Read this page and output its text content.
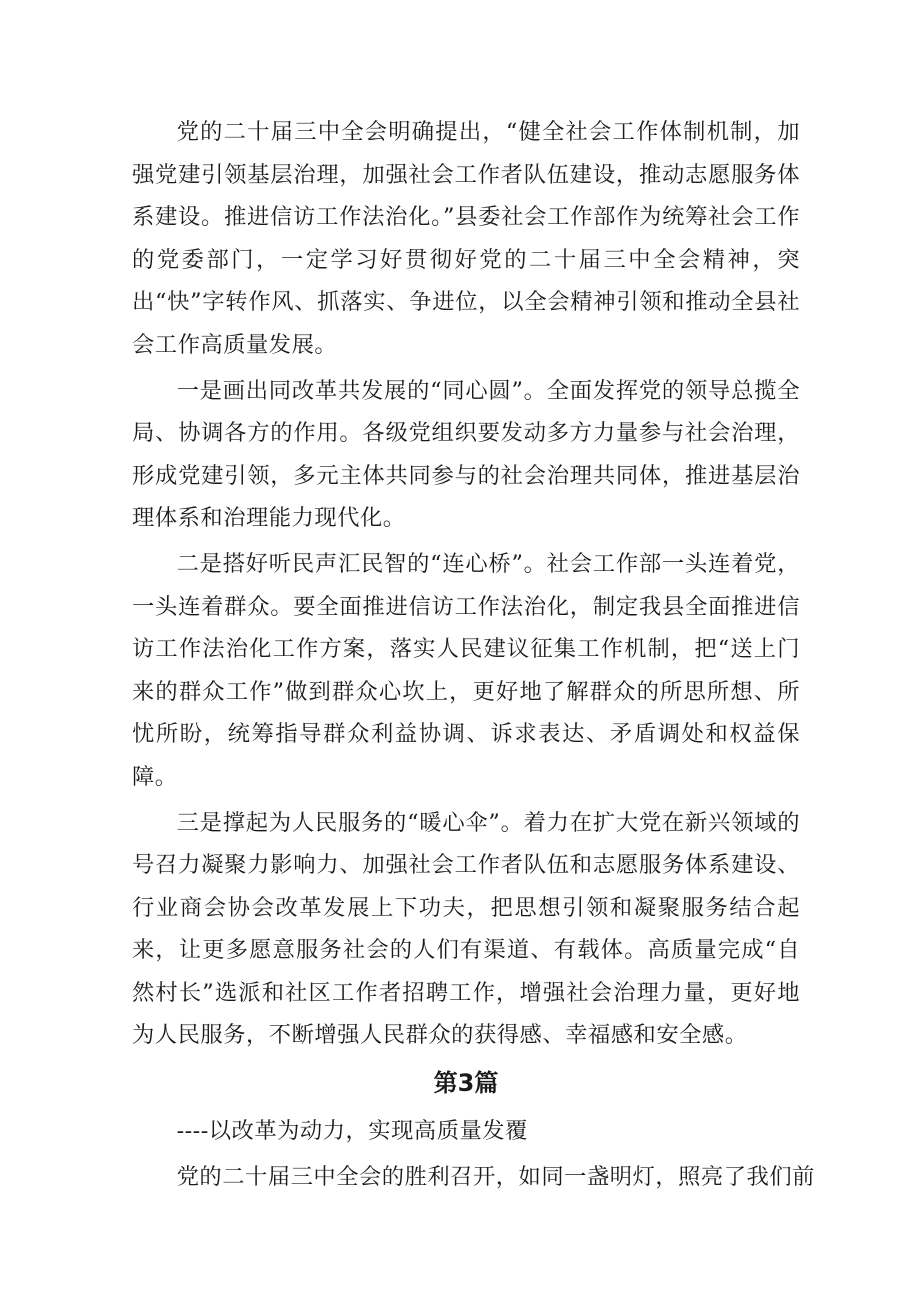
党的二十届三中全会明确提出，“健全社会工作体制机制，加强党建引领基层治理，加强社会工作者队伍建设，推动志愿服务体系建设。推进信访工作法治化。”县委社会工作部作为统筹社会工作的党委部门，一定学习好贯彻好党的二十届三中全会精神，突出“快”字转作风、抓落实、争进位，以全会精神引领和推动全县社会工作高质量发展。

一是画出同改革共发展的“同心圆”。全面发挥党的领导总揽全局、协调各方的作用。各级党组织要发动多方力量参与社会治理，形成党建引领，多元主体共同参与的社会治理共同体，推进基层治理体系和治理能力现代化。

二是搭好听民声汇民智的“连心桥”。社会工作部一头连着党，一头连着群众。要全面推进信访工作法治化，制定我县全面推进信访工作法治化工作方案，落实人民建议征集工作机制，把“送上门来的群众工作”做到群众心坎上，更好地了解群众的所思所想、所忧所盼，统筹指导群众利益协调、诉求表达、矛盾调处和权益保障。

三是撑起为人民服务的“暖心伞”。着力在扩大党在新兴领域的号召力凝聚力影响力、加强社会工作者队伍和志愿服务体系建设、行业商会协会改革发展上下功夫，把思想引领和凝聚服务结合起来，让更多愿意服务社会的人们有渠道、有载体。高质量完成“自然村长”选派和社区工作者招聘工作，增强社会治理力量，更好地为人民服务，不断增强人民群众的获得感、幸福感和安全感。

第3篇
----以改革为动力，实现高质量发覆
党的二十届三中全会的胜利召开，如同一盏明灯，照亮了我们前
